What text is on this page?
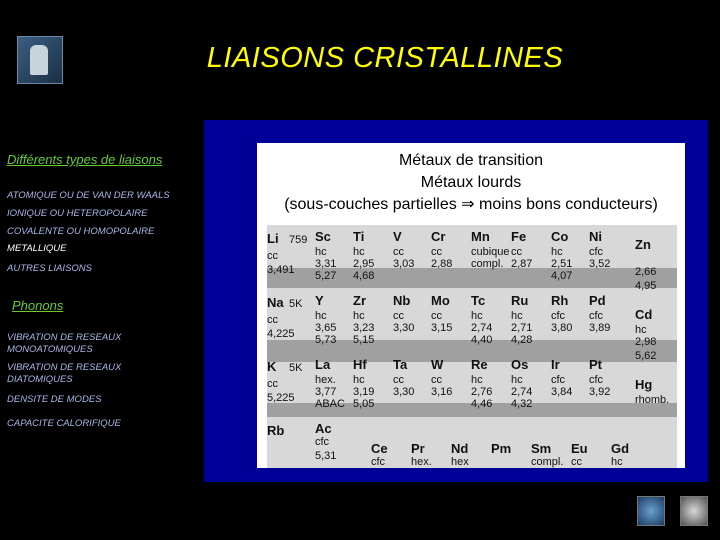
LIAISONS CRISTALLINES
Différents types de liaisons
ATOMIQUE OU DE VAN DER WAALS
IONIQUE OU HETEROPOLAIRE
COVALENTE OU HOMOPOLAIRE
METALLIQUE
AUTRES LIAISONS
Phonons
VIBRATION DE RESEAUX MONOATOMIQUES
VIBRATION DE RESEAUX DIATOMIQUES
DENSITE DE MODES
CAPACITE CALORIFIQUE
Métaux de transition
Métaux lourds
(sous-couches partielles ⇒ moins bons conducteurs)
Sc
hc
3,31
5,27
Ti
hc
2,95
4,68
V
cc
3,03
Cr
cc
2,88
Mn
cubique
compl.
Fe
cc
2,87
Co
hc
2,51
4,07
Ni
cfc
3,52
Y
hc
3,65
5,73
Zr
hc
3,23
5,15
Nb
cc
3,30
Mo
cc
3,15
Tc
hc
2,74
4,40
Ru
hc
2,71
4,28
Rh
cfc
3,80
Pd
cfc
3,89
La
hex.
3,77
ABAC
Hf
hc
3,19
5,05
Ta
cc
3,30
W
cc
3,16
Re
hc
2,76
4,46
Os
hc
2,74
4,32
Ir
cfc
3,84
Pt
cfc
3,92
Li 759
cc
3,491
Na 5K
cc
4,225
K 5K
cc
5,225
Rb Ac
cfc
5,31	Ce
cfc
Pr
hex.
Nd
hex
Pm Sm
compl.
Eu
cc
Gd
hc
Zn
2,66
4,95
Cd
hc
2,98
5,62
Hg
rhomb.
